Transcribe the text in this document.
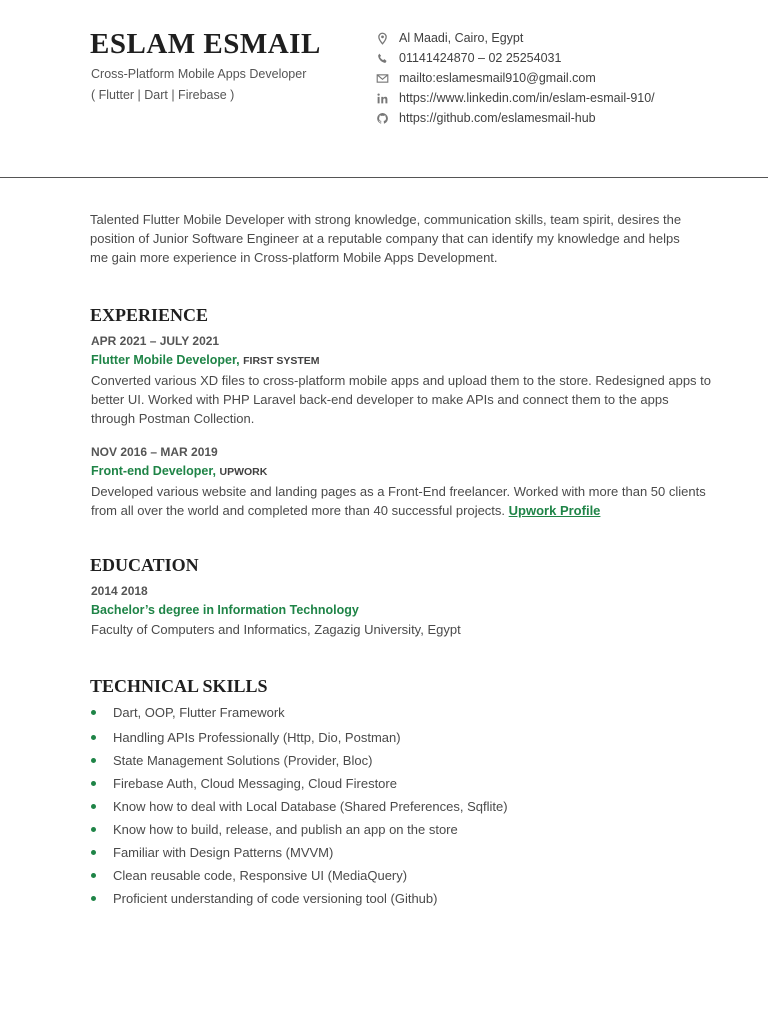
ESLAM ESMAIL
Cross-Platform Mobile Apps Developer
( Flutter | Dart | Firebase )
Al Maadi, Cairo, Egypt
01141424870 – 02 25254031
mailto:eslamesmail910@gmail.com
https://www.linkedin.com/in/eslam-esmail-910/
https://github.com/eslamesmail-hub
Talented Flutter Mobile Developer with strong knowledge, communication skills, team spirit, desires the position of Junior Software Engineer at a reputable company that can identify my knowledge and helps me gain more experience in Cross-platform Mobile Apps Development.
EXPERIENCE
APR 2021 – JULY 2021
Flutter Mobile Developer, FIRST SYSTEM
Converted various XD files to cross-platform mobile apps and upload them to the store. Redesigned apps to better UI. Worked with PHP Laravel back-end developer to make APIs and connect them to the apps through Postman Collection.
NOV 2016 – MAR 2019
Front-end Developer, UPWORK
Developed various website and landing pages as a Front-End freelancer. Worked with more than 50 clients from all over the world and completed more than 40 successful projects. Upwork Profile
EDUCATION
2014 2018
Bachelor’s degree in Information Technology
Faculty of Computers and Informatics, Zagazig University, Egypt
TECHNICAL SKILLS
Dart, OOP, Flutter Framework
Handling APIs Professionally (Http, Dio, Postman)
State Management Solutions (Provider, Bloc)
Firebase Auth, Cloud Messaging, Cloud Firestore
Know how to deal with Local Database (Shared Preferences, Sqflite)
Know how to build, release, and publish an app on the store
Familiar with Design Patterns (MVVM)
Clean reusable code, Responsive UI (MediaQuery)
Proficient understanding of code versioning tool (Github)
